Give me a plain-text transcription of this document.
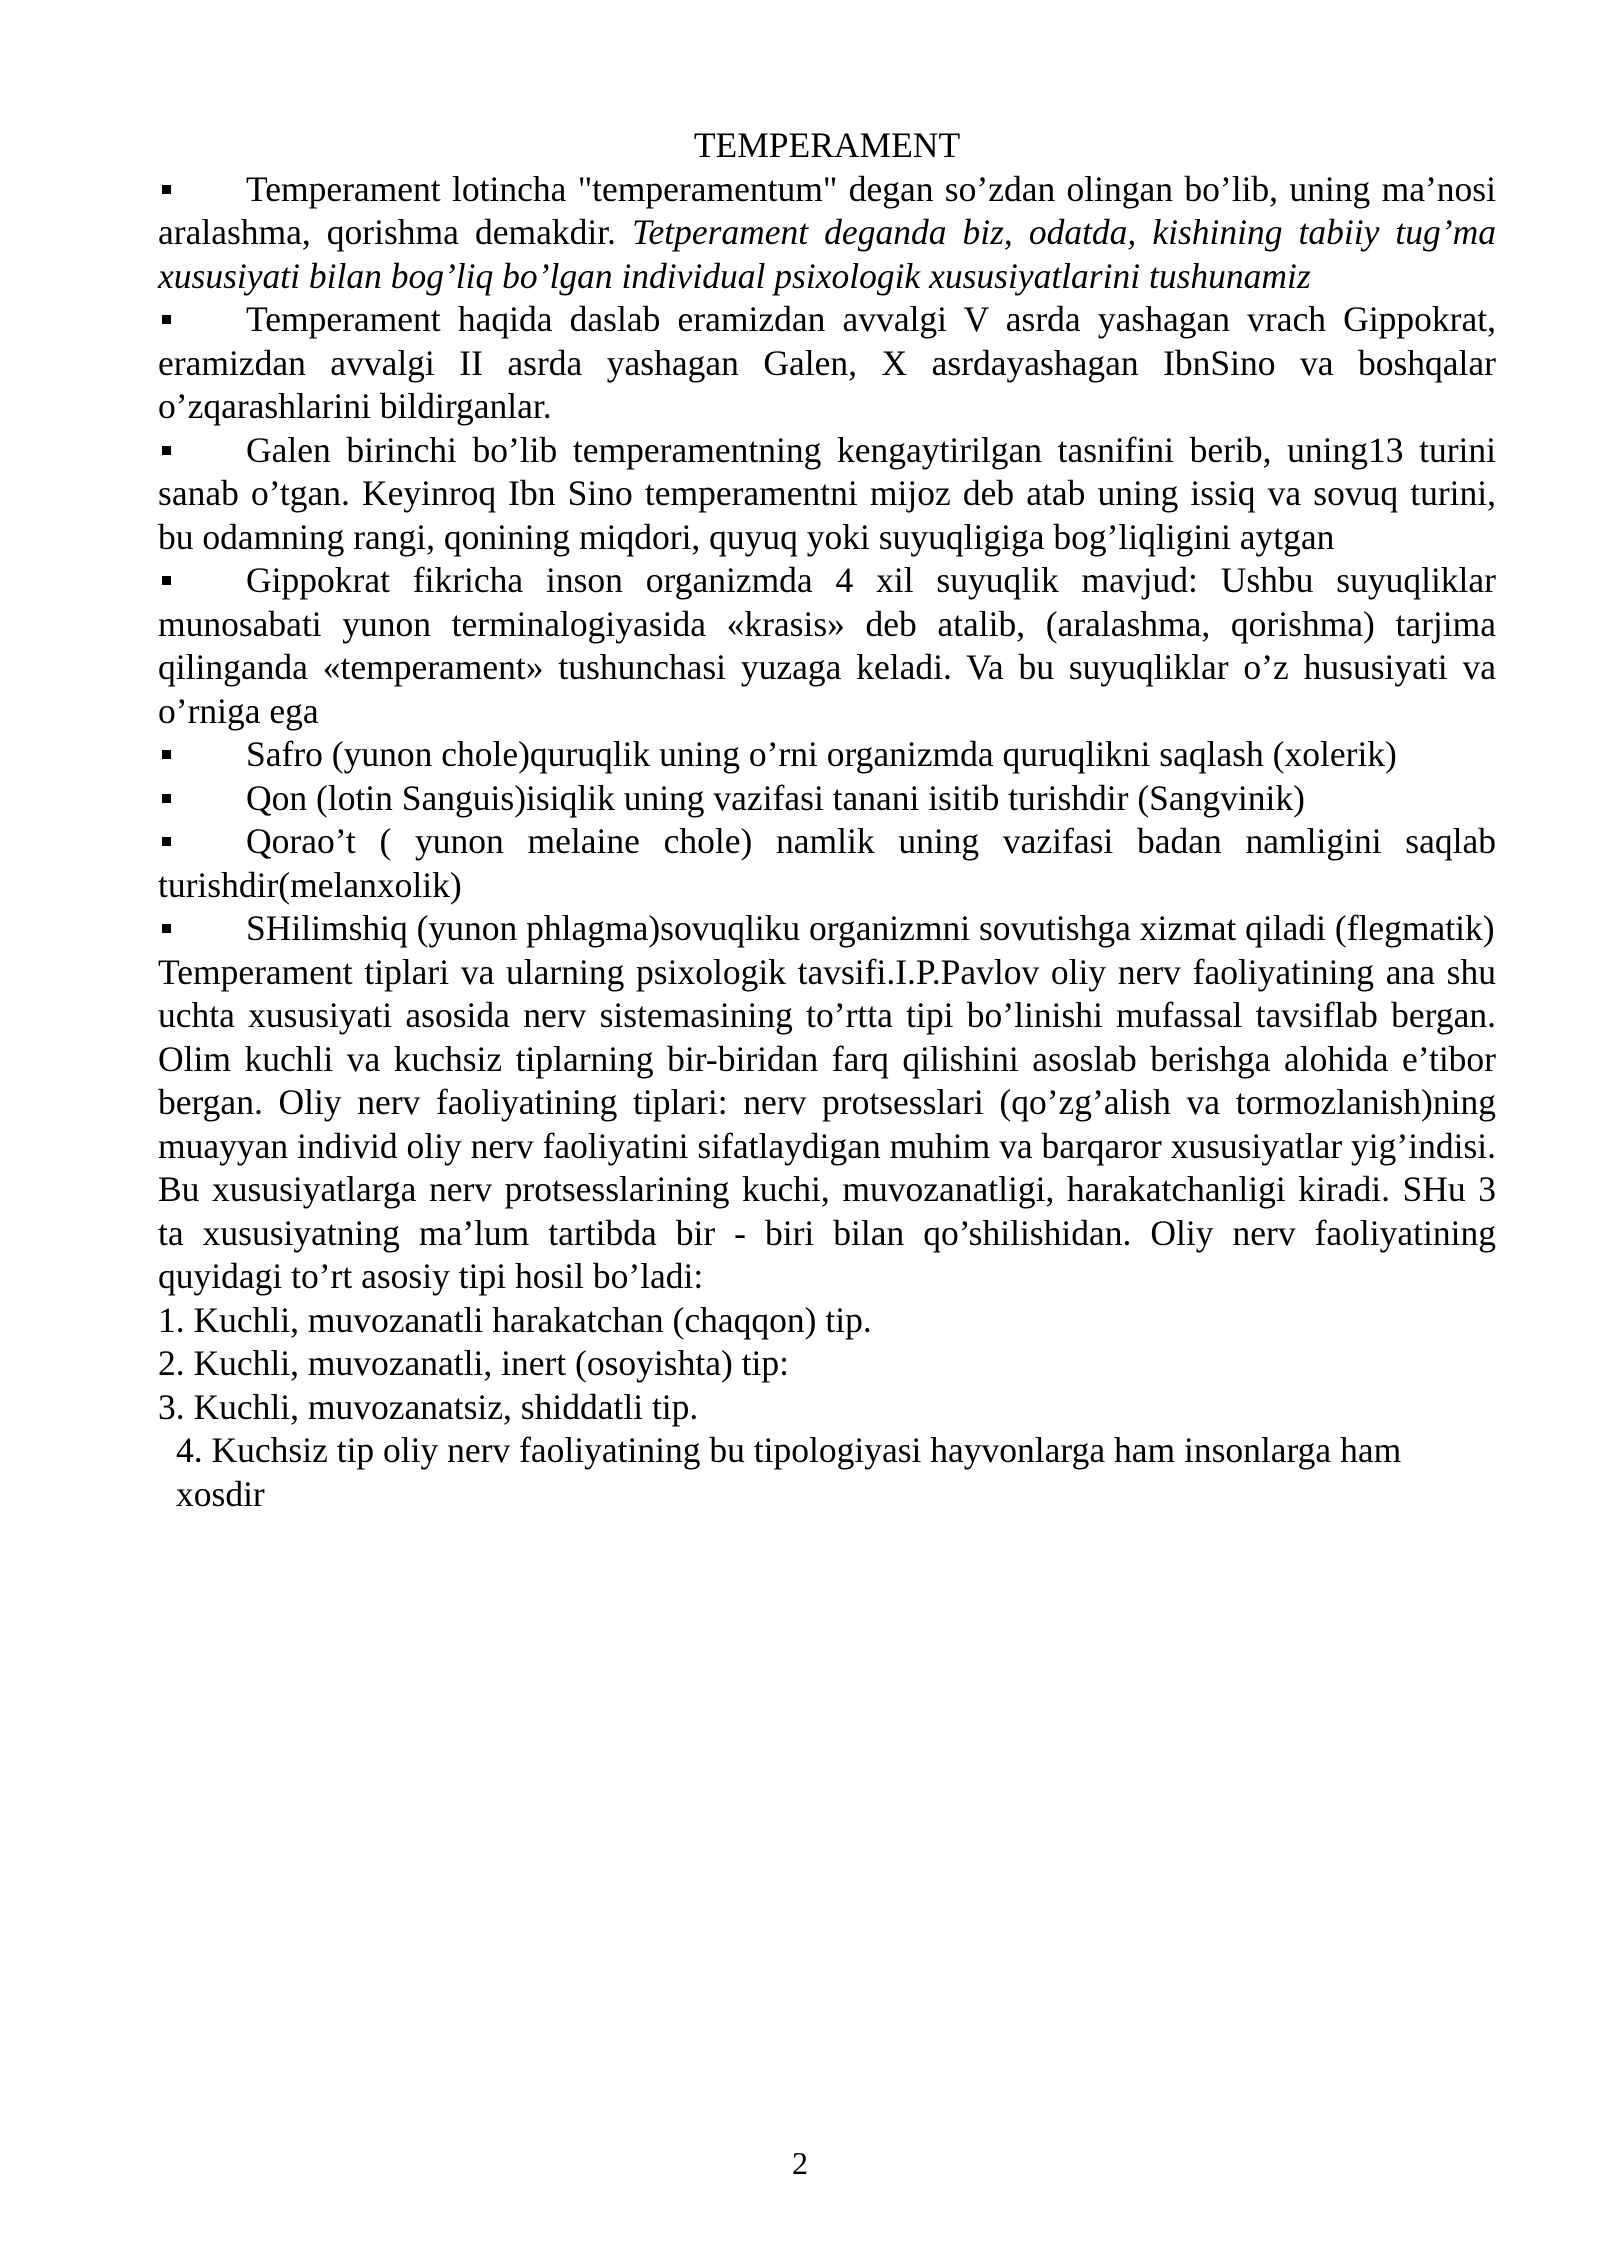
TEMPERAMENT

Temperament lotincha "temperamentum" degan so’zdan olingan bo’lib, uning ma’nosi aralashma, qorishma demakdir. Tetperament deganda biz, odatda, kishining tabiiy tug’ma xususiyati bilan bog’liq bo’lgan individual psixologik xususiyatlarini tushunamiz

Temperament haqida daslab eramizdan avvalgi V asrda yashagan vrach Gippokrat, eramizdan avvalgi II asrda yashagan Galen, X asrdayashagan IbnSino va boshqalar o’zqarashlarini bildirganlar.

Galen birinchi bo’lib temperamentning kengaytirilgan tasnifini berib, uning13 turini sanab o’tgan. Keyinroq Ibn Sino temperamentni mijoz deb atab uning issiq va sovuq turini, bu odamning rangi, qonining miqdori, quyuq yoki suyuqligiga bog’liqligini aytgan

Gippokrat fikricha inson organizmda 4 xil suyuqlik mavjud: Ushbu suyuqliklar munosabati yunon terminalogiyasida «krasis» deb atalib, (aralashma, qorishma) tarjima qilinganda «temperament» tushunchasi yuzaga keladi. Va bu suyuqliklar o’z hususiyati va o’rniga ega

Safro (yunon chole)quruqlik uning o’rni organizmda quruqlikni saqlash (xolerik)

Qon (lotin Sanguis)isiqlik uning vazifasi tanani isitib turishdir (Sangvinik)

Qorao’t ( yunon melaine chole) namlik uning vazifasi badan namligini saqlab turishdir(melanxolik)

SHilimshiq (yunon phlagma)sovuqliku organizmni sovutishga xizmat qiladi (flegmatik)

Temperament tiplari va ularning psixologik tavsifi.I.P.Pavlov oliy nerv faoliyatining ana shu uchta xususiyati asosida nerv sistemasining to’rtta tipi bo’linishi mufassal tavsiflab bergan. Olim kuchli va kuchsiz tiplarning bir-biridan farq qilishini asoslab berishga alohida e’tibor bergan. Oliy nerv faoliyatining tiplari: nerv protsesslari (qo’zg’alish va tormozlanish)ning muayyan individ oliy nerv faoliyatini sifatlaydigan muhim va barqaror xususiyatlar yig’indisi. Bu xususiyatlarga nerv protsesslarining kuchi, muvozanatligi, harakatchanligi kiradi. SHu 3 ta xususiyatning ma’lum tartibda bir - biri bilan qo’shilishidan. Oliy nerv faoliyatining quyidagi to’rt asosiy tipi hosil bo’ladi:

1. Kuchli, muvozanatli harakatchan (chaqqon) tip.

2. Kuchli, muvozanatli, inert (osoyishta) tip:

3. Kuchli, muvozanatsiz, shiddatli tip.

4. Kuchsiz tip oliy nerv faoliyatining bu tipologiyasi hayvonlarga ham insonlarga ham xosdir

2
